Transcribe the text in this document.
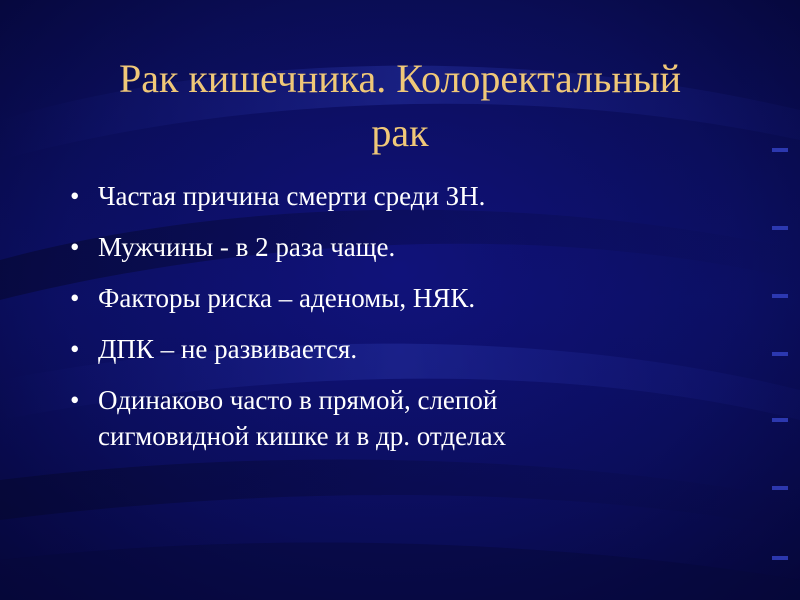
Рак кишечника. Колоректальный
рак
• Частая причина смерти среди ЗН.
• Мужчины - в 2 раза чаще.
• Факторы риска – аденомы, НЯК.
• ДПК – не развивается.
• Одинаково часто в прямой, слепой
сигмовидной кишке и в др. отделах
